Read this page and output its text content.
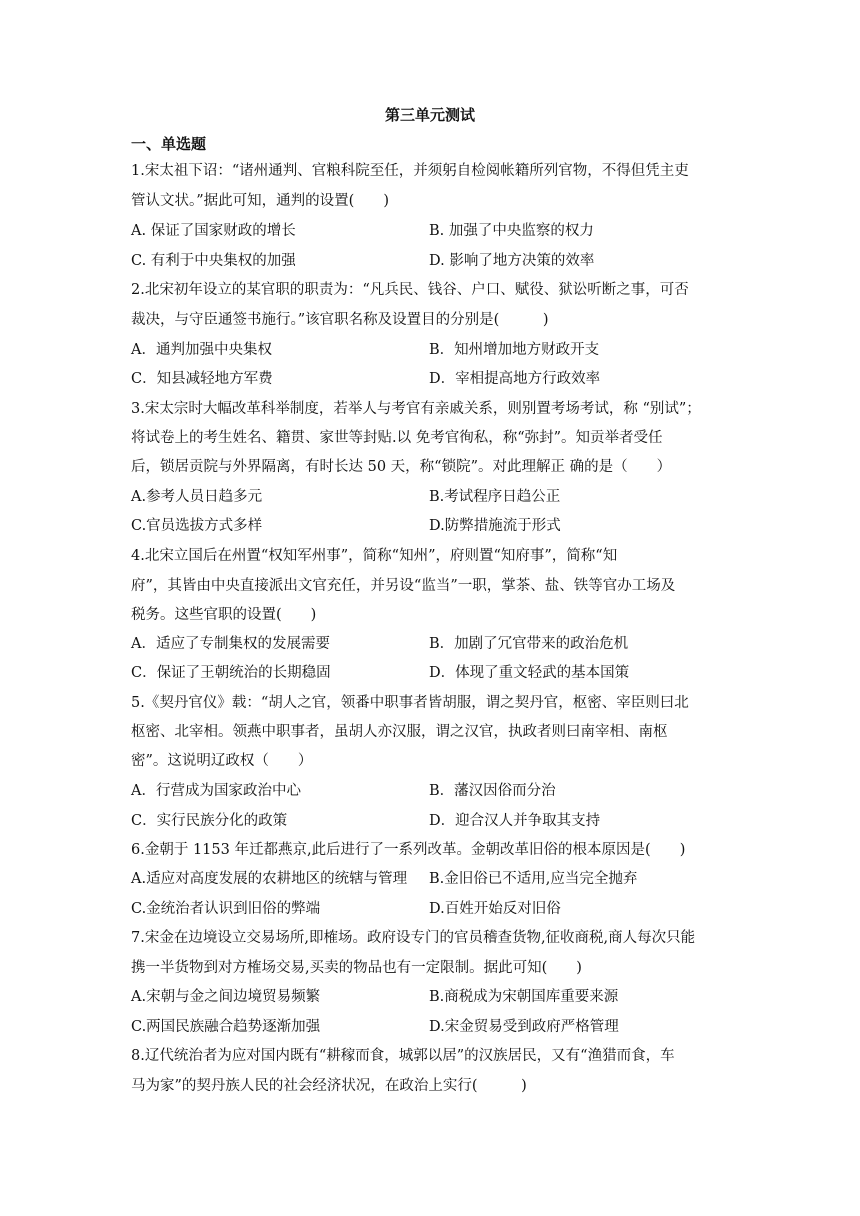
第三单元测试
一、单选题
1.宋太祖下诏：“诸州通判、官粮科院至任，并须躬自检阅帐籍所列官物，不得但凭主吏
管认文状。”据此可知，通判的设置(　　)
A. 保证了国家财政的增长	B. 加强了中央监察的权力
C. 有利于中央集权的加强	D. 影响了地方决策的效率
2.北宋初年设立的某官职的职责为：“凡兵民、钱谷、户口、赋役、狱讼听断之事，可否
裁决，与守臣通签书施行。”该官职名称及设置目的分别是(　　　)
A．通判加强中央集权	B．知州增加地方财政开支
C．知县减轻地方军费	D．宰相提高地方行政效率
3.宋太宗时大幅改革科举制度，若举人与考官有亲戚关系，则别置考场考试，称 “别试”；
将试卷上的考生姓名、籍贯、家世等封贴.以 免考官徇私，称“弥封”。知贡举者受任
后，锁居贡院与外界隔离，有时长达 50 天，称“锁院”。对此理解正 确的是（　　）
A.参考人员日趋多元	B.考试程序日趋公正
C.官员选拔方式多样	D.防弊措施流于形式
4.北宋立国后在州置“权知军州事”，简称“知州”，府则置“知府事”，简称“知
府”，其皆由中央直接派出文官充任，并另设“监当”一职，掌茶、盐、铁等官办工场及
税务。这些官职的设置(　　)
A．适应了专制集权的发展需要	B．加剧了冗官带来的政治危机
C．保证了王朝统治的长期稳固	D．体现了重文轻武的基本国策
5.《契丹官仪》载：“胡人之官，领番中职事者皆胡服，谓之契丹官，枢密、宰臣则曰北
枢密、北宰相。领燕中职事者，虽胡人亦汉服，谓之汉官，执政者则曰南宰相、南枢
密”。这说明辽政权（　　）
A．行营成为国家政治中心	B．藩汉因俗而分治
C．实行民族分化的政策	D．迎合汉人并争取其支持
6.金朝于 1153 年迁都燕京,此后进行了一系列改革。金朝改革旧俗的根本原因是(　　)
A.适应对高度发展的农耕地区的统辖与管理 B.金旧俗已不适用,应当完全抛弃
C.金统治者认识到旧俗的弊端	D.百姓开始反对旧俗
7.宋金在边境设立交易场所,即榷场。政府设专门的官员稽查货物,征收商税,商人每次只能
携一半货物到对方榷场交易,买卖的物品也有一定限制。据此可知(　　)
A.宋朝与金之间边境贸易频繁	B.商税成为宋朝国库重要来源
C.两国民族融合趋势逐渐加强	D.宋金贸易受到政府严格管理
8.辽代统治者为应对国内既有“耕稼而食，城郭以居”的汉族居民，又有“渔猎而食，车
马为家”的契丹族人民的社会经济状况，在政治上实行(　　　)
